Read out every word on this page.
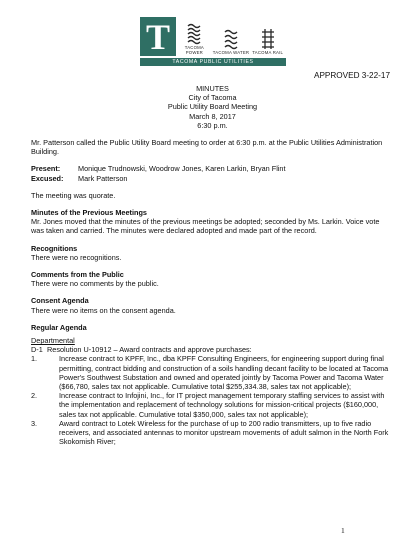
T	TACOMA POWER	TACOMA WATER TACOMA RAIL
TACOMA PUBLIC UTILITIES
APPROVED 3-22-17
MINUTES
City of Tacoma
Public Utility Board Meeting
March 8, 2017
6:30 p.m.
Mr. Patterson called the Public Utility Board meeting to order at 6:30 p.m. at the Public Utilities Administration Building.
Present:	Monique Trudnowski, Woodrow Jones, Karen Larkin, Bryan Flint
Excused:	Mark Patterson
The meeting was quorate.
Minutes of the Previous Meetings
Mr. Jones moved that the minutes of the previous meetings be adopted; seconded by Ms. Larkin. Voice vote was taken and carried. The minutes were declared adopted and made part of the record.
Recognitions
There were no recognitions.
Comments from the Public
There were no comments by the public.
Consent Agenda
There were no items on the consent agenda.
Regular Agenda
Departmental
D-1 Resolution U-10912 – Award contracts and approve purchases:
1.	Increase contract to KPFF, Inc., dba KPFF Consulting Engineers, for engineering support during final permitting, contract bidding and construction of a soils handling decant facility to be located at Tacoma Power's Southwest Substation and owned and operated jointly by Tacoma Power and Tacoma Water ($66,780, sales tax not applicable. Cumulative total $255,334.38, sales tax not applicable);
2.	Increase contract to Infojini, Inc., for IT project management temporary staffing services to assist with the implementation and replacement of technology solutions for mission-critical projects ($160,000, sales tax not applicable. Cumulative total $350,000, sales tax not applicable);
3.	Award contract to Lotek Wireless for the purchase of up to 200 radio transmitters, up to five radio receivers, and associated antennas to monitor upstream movements of adult salmon in the North Fork Skokomish River;
1
